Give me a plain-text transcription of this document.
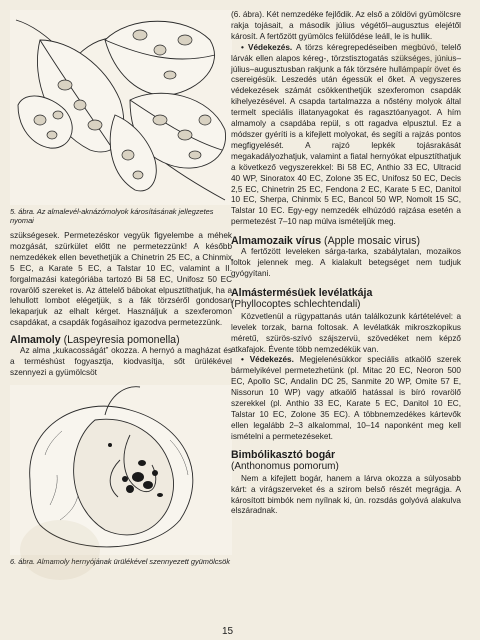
5. ábra. Az almalevél-aknázómolyok károsításának jellegzetes nyomai

szükségesek. Permetezéskor vegyük figyelembe a méhek mozgását, szürkület előtt ne permetezzünk! A később nemzedékek ellen bevethetjük a Chinetrin 25 EC, a Chinmix 5 EC, a Karate 5 EC, a Talstar 10 EC, valamint a II. forgalmazási kategóriába tartozó Bi 58 EC, Unifosz 50 EC rovarölő szereket is. Az áttelelő bábokat elpusztíthatjuk, ha a lehullott lombot elégetjük, s a fák törzséről gondosan lekaparjuk az elhalt kérget. Használjuk a szexferomon csapdákat, a csapdák fogásaihoz igazodva permetezzünk.

Almamoly (Laspeyresia pomonella)

Az alma „kukacosságát” okozza. A hernyó a magházat és a terméshúst fogyasztja, kiodvasítja, sőt ürülékével szennyezi a gyümölcsöt

6. ábra. Almamoly hernyójának ürülékével szennyezett gyümölcsök

(6. ábra). Két nemzedéke fejlődik. Az első a zöldövi gyümölcsre rakja tojásait, a második július végétől–augusztus elejétől károsít. A fertőzött gyümölcs felülődése leáll, le is hullik.

• Védekezés. A törzs kéregrepedéseiben megbúvó, telelő lárvák ellen alapos kéreg-, törzstisztogatás szükséges, június–július–augusztusban rakjunk a fák törzsére hullámpapír övet és csereigésük. Leszedés után égessük el őket. A vegyszeres védekezések számát csökkenthetjük szexferomon csapdák kihelyezésével. A csapda tartalmazza a nőstény molyok által termelt speciális illatanyagokat és ragasztóanyagot. A hím almamoly a csapdába repül, s ott ragadva elpusztul. Ez a módszer gyéríti is a kifejlett molyokat, és segíti a rajzás pontos megfigyelését. A rajzó lepkék tojásrakását megakadályozhatjuk, valamint a fiatal hernyókat elpusztíthatjuk a következő vegyszerekkel: Bi 58 EC, Anthio 33 EC, Ultracid 40 WP, Sinoratox 40 EC, Zolone 35 EC, Unifosz 50 EC, Decis 2,5 EC, Chinetrin 25 EC, Fendona 2 EC, Karate 5 EC, Danitol 10 EC, Sherpa, Chinmix 5 EC, Bancol 50 WP, Nomolt 15 SC, Talstar 10 EC. Egy-egy nemzedék elhúzódó rajzása esetén a permetezést 7–10 nap múlva ismételjük meg.

Almamozaik vírus (Apple mosaic virus)

A fertőzött leveleken sárga-tarka, szabálytalan, mozaikos foltok jelennek meg. A kialakult betegséget nem tudjuk gyógyítani.

Almástermésüek levélatkája
(Phyllocoptes schlechtendali)

Közvetlenül a rügypattanás után találkozunk kártételével: a levelek torzak, barna foltosak. A levélatkák mikroszkopikus méretű, szürös-szívó szájszervü, szövedéket nem képző atkafajok. Évente több nemzedékük van.

• Védekezés. Megjelenésükkor speciális atkaölő szerek bármelyikével permetezhetünk (pl. Mitac 20 EC, Neoron 500 EC, Apollo SC, Andalin DC 25, Sanmite 20 WP, Omite 57 E, Nissorun 10 WP) vagy atkaölő hatással is bíró rovarölő szerekkel (pl. Anthio 33 EC, Karate 5 EC, Danitol 10 EC, Talstar 10 EC, Zolone 35 EC). A többnemzedékes kártevők ellen legalább 2–3 alkalommal, 10–14 naponként meg kell ismételni a permetezéseket.

Bimbólikasztó bogár
(Anthonomus pomorum)

Nem a kifejlett bogár, hanem a lárva okozza a súlyosabb kárt: a virágszerveket és a szirom belső részét megrágja. A károsított bimbók nem nyílnak ki, ún. rozsdás golyóvá alakulva elszáradnak.

15
